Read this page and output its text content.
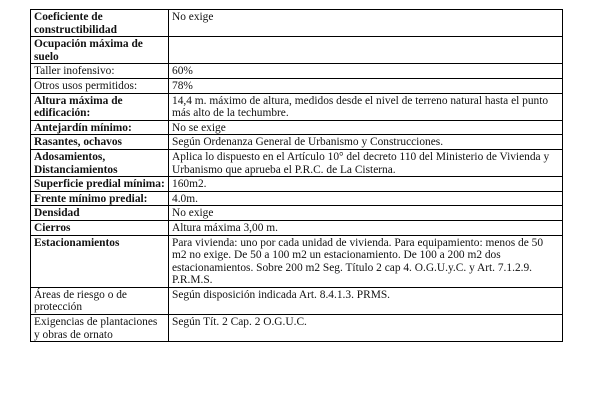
Coeficiente de constructibilidad	No exige
Ocupación máxima de suelo	
Taller inofensivo:	60%
Otros usos permitidos:	78%
Altura máxima de edificación:	14,4 m. máximo de altura, medidos desde el nivel de terreno natural hasta el punto más alto de la techumbre.
Antejardín mínimo:	No se exige
Rasantes, ochavos	Según Ordenanza General de Urbanismo y Construcciones.
Adosamientos, Distanciamientos	Aplica lo dispuesto en el Artículo 10° del decreto 110 del Ministerio de Vivienda y Urbanismo que aprueba el P.R.C. de La Cisterna.
Superficie predial mínima:	160m2.
Frente mínimo predial:	4.0m.
Densidad	No exige
Cierros	Altura máxima 3,00 m.
Estacionamientos	Para vivienda: uno por cada unidad de vivienda. Para equipamiento: menos de 50 m2 no exige. De 50 a 100 m2 un estacionamiento. De 100 a 200 m2 dos estacionamientos. Sobre 200 m2 Seg. Título 2 cap 4. O.G.U.y.C. y Art. 7.1.2.9. P.R.M.S.
Áreas de riesgo o de protección	Según disposición indicada Art. 8.4.1.3. PRMS.
Exigencias de plantaciones y obras de ornato	Según Tít. 2 Cap. 2 O.G.U.C.
